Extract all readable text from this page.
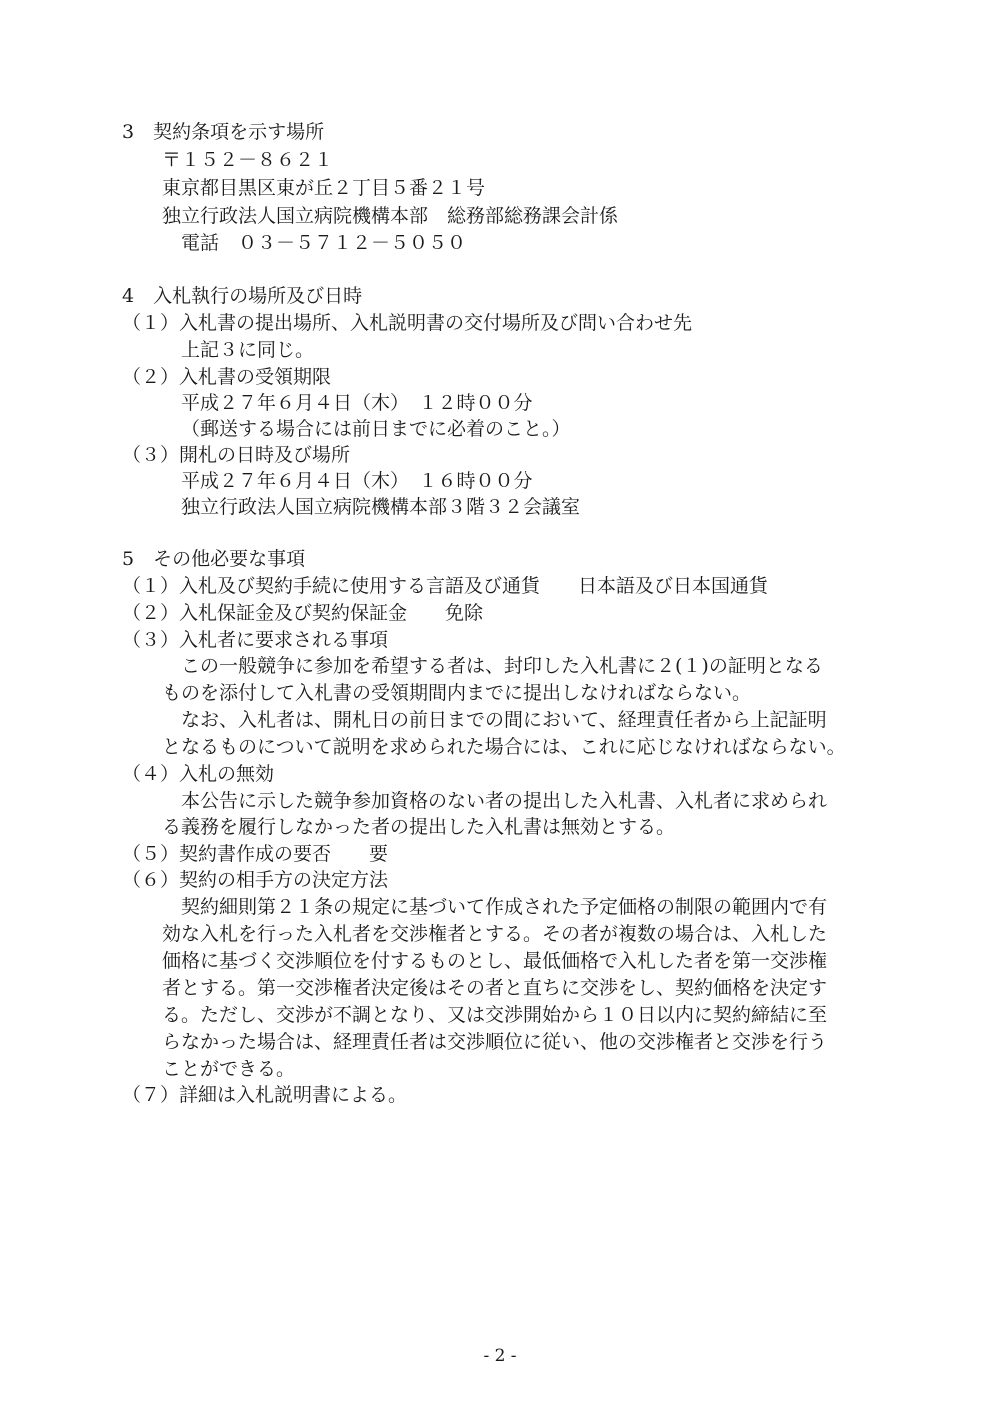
3　契約条項を示す場所
〒１５２－８６２１
東京都目黒区東が丘２丁目５番２１号
独立行政法人国立病院機構本部　総務部総務課会計係
電話　０３－５７１２－５０５０
4　入札執行の場所及び日時
（１）入札書の提出場所、入札説明書の交付場所及び問い合わせ先
上記３に同じ。
（２）入札書の受領期限
平成２７年６月４日（木）　１２時００分
（郵送する場合には前日までに必着のこと。）
（３）開札の日時及び場所
平成２７年６月４日（木）　１６時００分
独立行政法人国立病院機構本部３階３２会議室
5　その他必要な事項
（１）入札及び契約手続に使用する言語及び通貨　　日本語及び日本国通貨
（２）入札保証金及び契約保証金　　免除
（３）入札者に要求される事項
この一般競争に参加を希望する者は、封印した入札書に２(１)の証明となる
ものを添付して入札書の受領期間内までに提出しなければならない。
なお、入札者は、開札日の前日までの間において、経理責任者から上記証明
となるものについて説明を求められた場合には、これに応じなければならない。
（４）入札の無効
本公告に示した競争参加資格のない者の提出した入札書、入札者に求められ
る義務を履行しなかった者の提出した入札書は無効とする。
（５）契約書作成の要否　　要
（６）契約の相手方の決定方法
契約細則第２１条の規定に基づいて作成された予定価格の制限の範囲内で有
効な入札を行った入札者を交渉権者とする。その者が複数の場合は、入札した
価格に基づく交渉順位を付するものとし、最低価格で入札した者を第一交渉権
者とする。第一交渉権者決定後はその者と直ちに交渉をし、契約価格を決定す
る。ただし、交渉が不調となり、又は交渉開始から１０日以内に契約締結に至
らなかった場合は、経理責任者は交渉順位に従い、他の交渉権者と交渉を行う
ことができる。
（７）詳細は入札説明書による。
- 2 -
